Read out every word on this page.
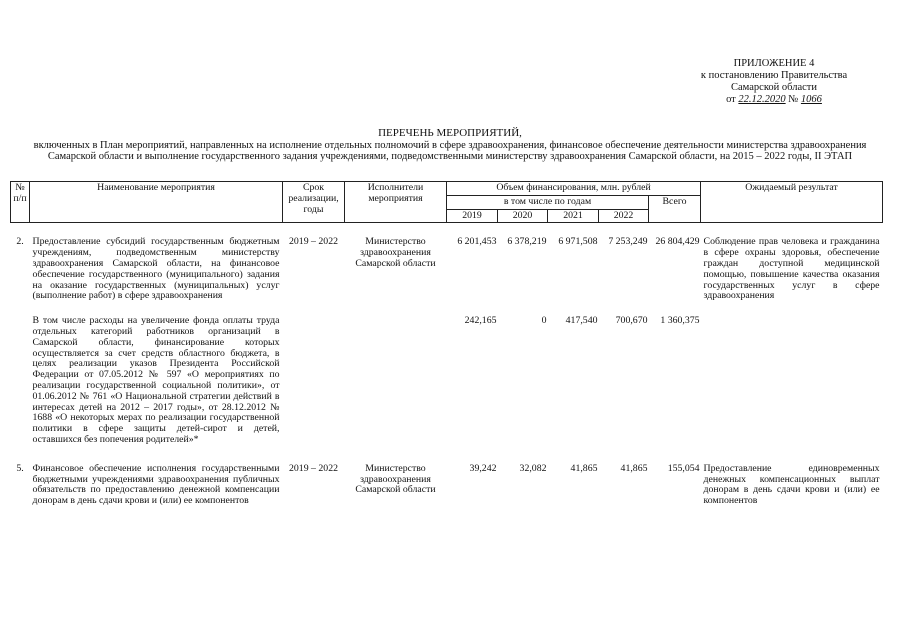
ПРИЛОЖЕНИЕ 4
к постановлению Правительства
Самарской области
от 22.12.2020 № 1066
ПЕРЕЧЕНЬ МЕРОПРИЯТИЙ,
включенных в План мероприятий, направленных на исполнение отдельных полномочий в сфере здравоохранения, финансовое обеспечение деятельности министерства здравоохранения
Самарской области и выполнение государственного задания учреждениями, подведомственными министерству здравоохранения Самарской области, на 2015 – 2022 годы, II ЭТАП
№ п/п	Наименование мероприятия	Срок реализации, годы	Исполнители мероприятия	Объем финансирования, млн. рублей					Ожидаемый результат
				в том числе по годам				Всего	
				2019	2020	2021	2022		

2.	Предоставление субсидий государственным бюджетным учреждениям, подведомственным министерству здравоохранения Самарской области, на финансовое обеспечение государственного (муниципального) задания на оказание государственных (муниципальных) услуг (выполнение работ) в сфере здравоохранения	2019 – 2022	Министерство здравоохранения Самарской области	6 201,453	6 378,219	6 971,508	7 253,249	26 804,429	Соблюдение прав человека и гражданина в сфере охраны здоровья, обеспечение граждан доступной медицинской помощью, повышение качества оказания государственных услуг в сфере здравоохранения

	В том числе расходы на увеличение фонда оплаты труда отдельных категорий работников организаций в Самарской области, финансирование которых осуществляется за счет средств областного бюджета, в целях реализации указов Президента Российской Федерации от 07.05.2012 № 597 «О мероприятиях по реализации государственной социальной политики», от 01.06.2012 № 761 «О Национальной стратегии действий в интересах детей на 2012 – 2017 годы», от 28.12.2012 № 1688 «О некоторых мерах по реализации государственной политики в сфере защиты детей-сирот и детей, оставшихся без попечения родителей»*			242,165	0	417,540	700,670	1 360,375	

5.	Финансовое обеспечение исполнения государственными бюджетными учреждениями здравоохранения публичных обязательств по предоставлению денежной компенсации донорам в день сдачи крови и (или) ее компонентов	2019 – 2022	Министерство здравоохранения Самарской области	39,242	32,082	41,865	41,865	155,054	Предоставление единовременных денежных компенсационных выплат донорам в день сдачи крови и (или) ее компонентов
